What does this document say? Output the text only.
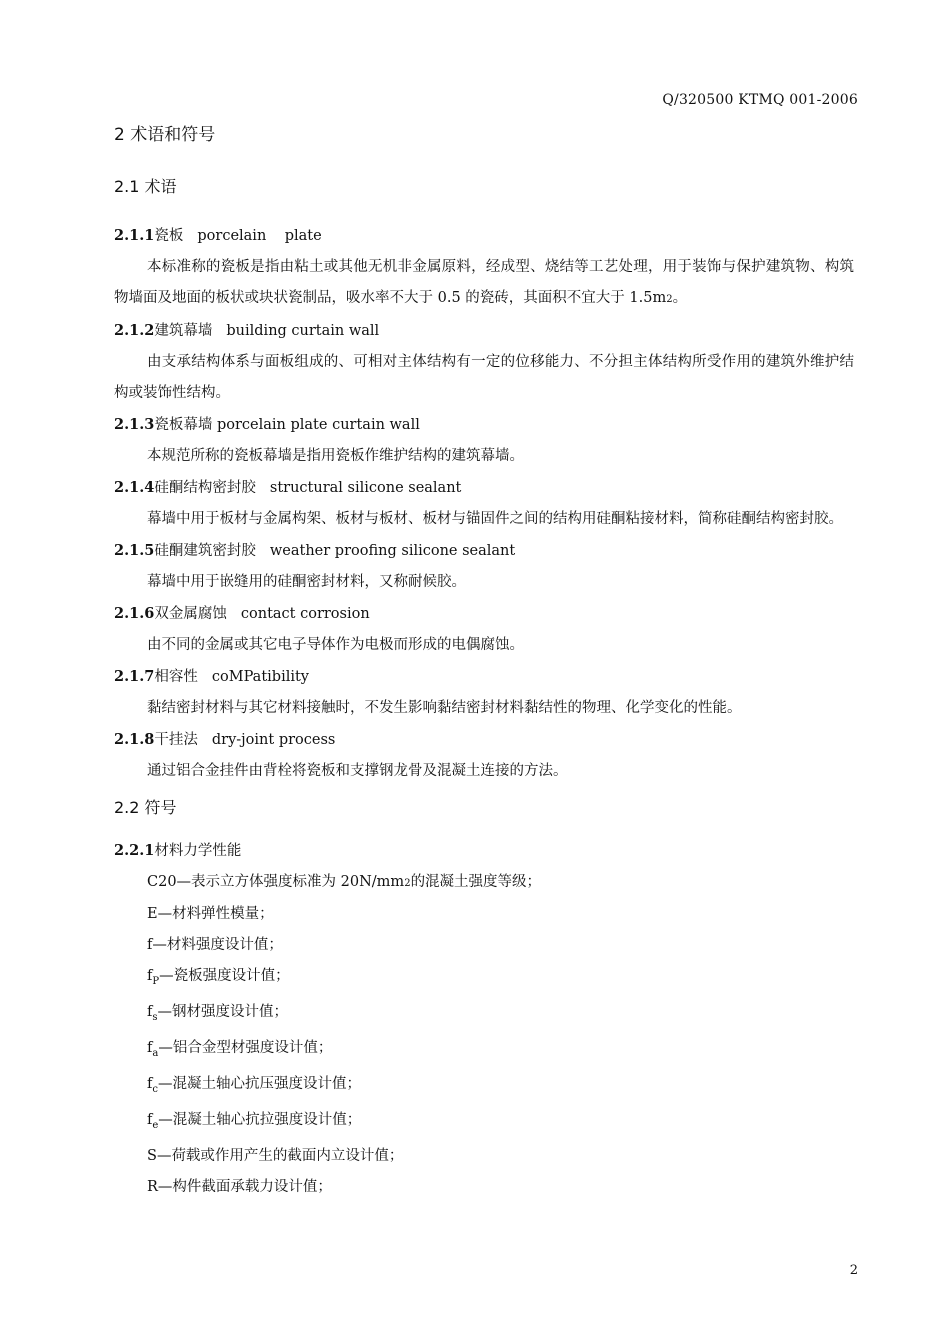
Q/320500 KTMQ 001-2006
2 术语和符号
2.1 术语
2.1.1瓷板 porcelain    plate

本标准称的瓷板是指由粘土或其他无机非金属原料，经成型、烧结等工艺处理，用于装饰与保护建筑物、构筑物墙面及地面的板状或块状瓷制品，吸水率不大于 0.5 的瓷砖，其面积不宜大于 1.5m2。

2.1.2建筑幕墙 building curtain wall

由支承结构体系与面板组成的、可相对主体结构有一定的位移能力、不分担主体结构所受作用的建筑外维护结构或装饰性结构。

2.1.3瓷板幕墙 porcelain plate curtain wall

本规范所称的瓷板幕墙是指用瓷板作维护结构的建筑幕墙。

2.1.4硅酮结构密封胶 structural silicone sealant

幕墙中用于板材与金属构架、板材与板材、板材与锚固件之间的结构用硅酮粘接材料，简称硅酮结构密封胶。

2.1.5硅酮建筑密封胶 weather proofing silicone sealant

幕墙中用于嵌缝用的硅酮密封材料，又称耐候胶。

2.1.6双金属腐蚀 contact corrosion

由不同的金属或其它电子导体作为电极而形成的电偶腐蚀。

2.1.7相容性 coMPatibility

黏结密封材料与其它材料接触时，不发生影响黏结密封材料黏结性的物理、化学变化的性能。

2.1.8干挂法 dry-joint process

通过铝合金挂件由背栓将瓷板和支撑钢龙骨及混凝土连接的方法。

2.2 符号
2.2.1材料力学性能
C20—表示立方体强度标准为 20N/mm2的混凝土强度等级；
E—材料弹性模量；
f—材料强度设计值；
$f_P—$瓷板强度设计值；
$f_s—$钢材强度设计值；
$f_a—$铝合金型材强度设计值；
$f_c—$混凝土轴心抗压强度设计值；
$f_e—$混凝土轴心抗拉强度设计值；
S—荷载或作用产生的截面内立设计值；
R—构件截面承载力设计值；
2
